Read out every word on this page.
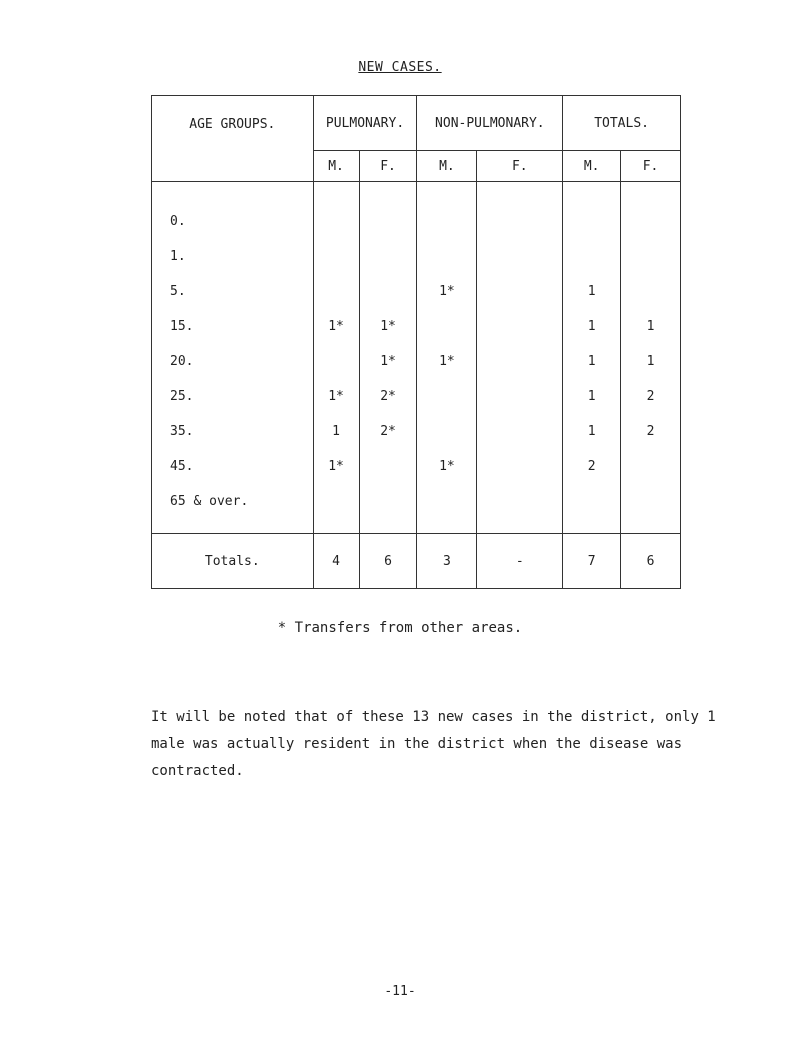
NEW CASES.
AGE GROUPS.	PULMONARY.		NON-PULMONARY.		TOTALS.	
	M.	F.	M.	F.	M.	F.
0.						
1.						
5.			1*		1	
15.	1*	1*			1	1
20.		1*	1*		1	1
25.	1*	2*			1	2
35.	1	2*			1	2
45.	1*		1*		2	
65 & over.						
Totals.	4	6	3	-	7	6
* Transfers from other areas.
It will be noted that of these 13 new cases in the district, only 1 male was actually resident in the district when the disease was contracted.
-11-
